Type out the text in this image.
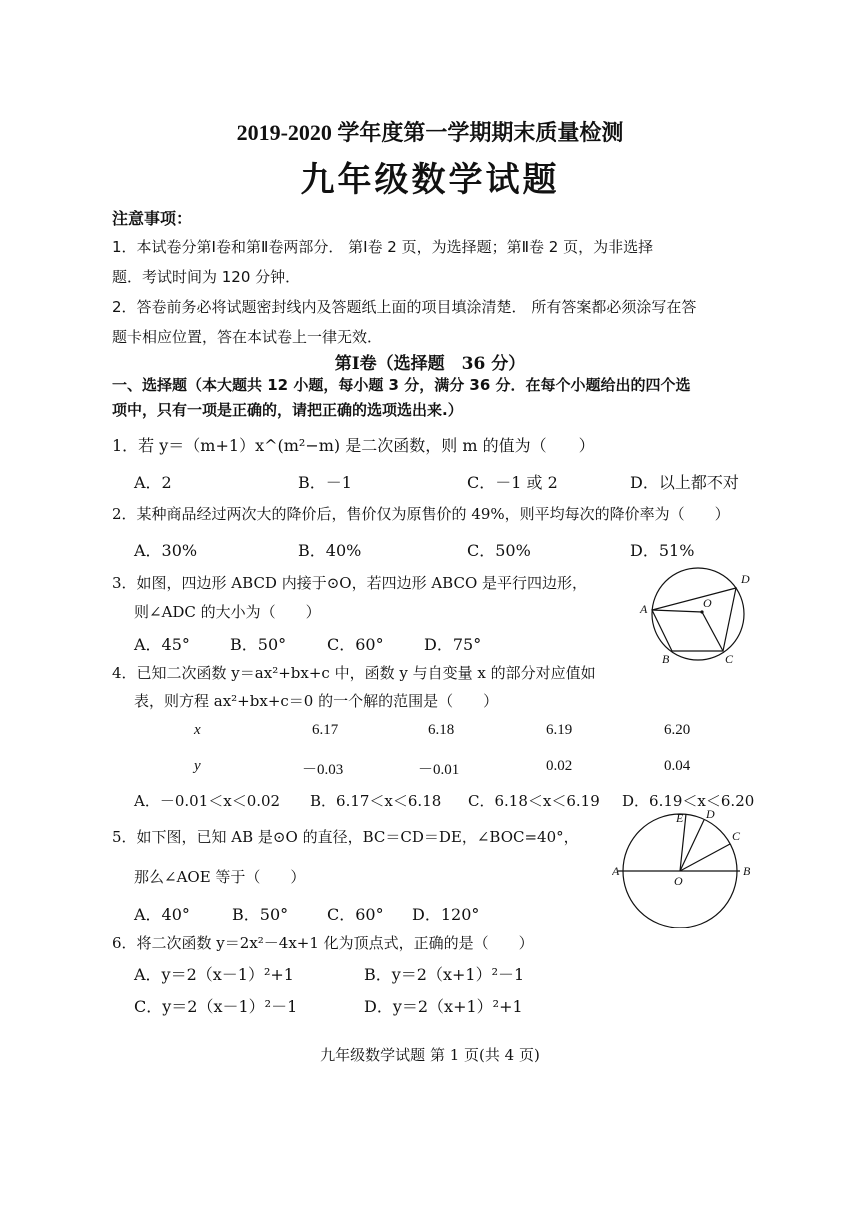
2019-2020 学年度第一学期期末质量检测
九年级数学试题
注意事项：
1．本试卷分第Ⅰ卷和第Ⅱ卷两部分． 第Ⅰ卷 2 页，为选择题；第Ⅱ卷 2 页，为非选择
题．考试时间为 120 分钟．
2．答卷前务必将试题密封线内及答题纸上面的项目填涂清楚． 所有答案都必须涂写在答
题卡相应位置，答在本试卷上一律无效．
第Ⅰ卷（选择题　36 分）
一、选择题（本大题共 12 小题，每小题 3 分，满分 36 分．在每个小题给出的四个选
项中，只有一项是正确的，请把正确的选项选出来.）
1．若 y＝（m+1）x^(m²−m) 是二次函数，则 m 的值为（　　）
A．2	B．－1	C．－1 或 2	D．以上都不对
2．某种商品经过两次大的降价后，售价仅为原售价的 49%，则平均每次的降价率为（　　）
A．30%	B．40%	C．50%	D．51%
3．如图，四边形 ABCD 内接于⊙O，若四边形 ABCO 是平行四边形，
则∠ADC 的大小为（　　）
A．45°	B．50°	C．60°	D．75°
A
B	C
D
O
4．已知二次函数 y＝ax²+bx+c 中，函数 y 与自变量 x 的部分对应值如
表，则方程 ax²+bx+c＝0 的一个解的范围是（　　）
x	6.17	6.18	6.19	6.20
y	－0.03	－0.01	0.02	0.04
A．－0.01＜x＜0.02 B．6.17＜x＜6.18 C．6.18＜x＜6.19 D．6.19＜x＜6.20
5．如下图，已知 AB 是⊙O 的直径，BC＝CD＝DE，∠BOC=40°，
那么∠AOE 等于（　　）
A．40°	B．50° C．60° D．120°
A	B
C
D
E
O
6．将二次函数 y＝2x²－4x+1 化为顶点式，正确的是（　　）
A．y＝2（x－1）²+1	B．y＝2（x+1）²－1
C．y＝2（x－1）²－1	D．y＝2（x+1）²+1
九年级数学试题 第 1 页(共 4 页)
